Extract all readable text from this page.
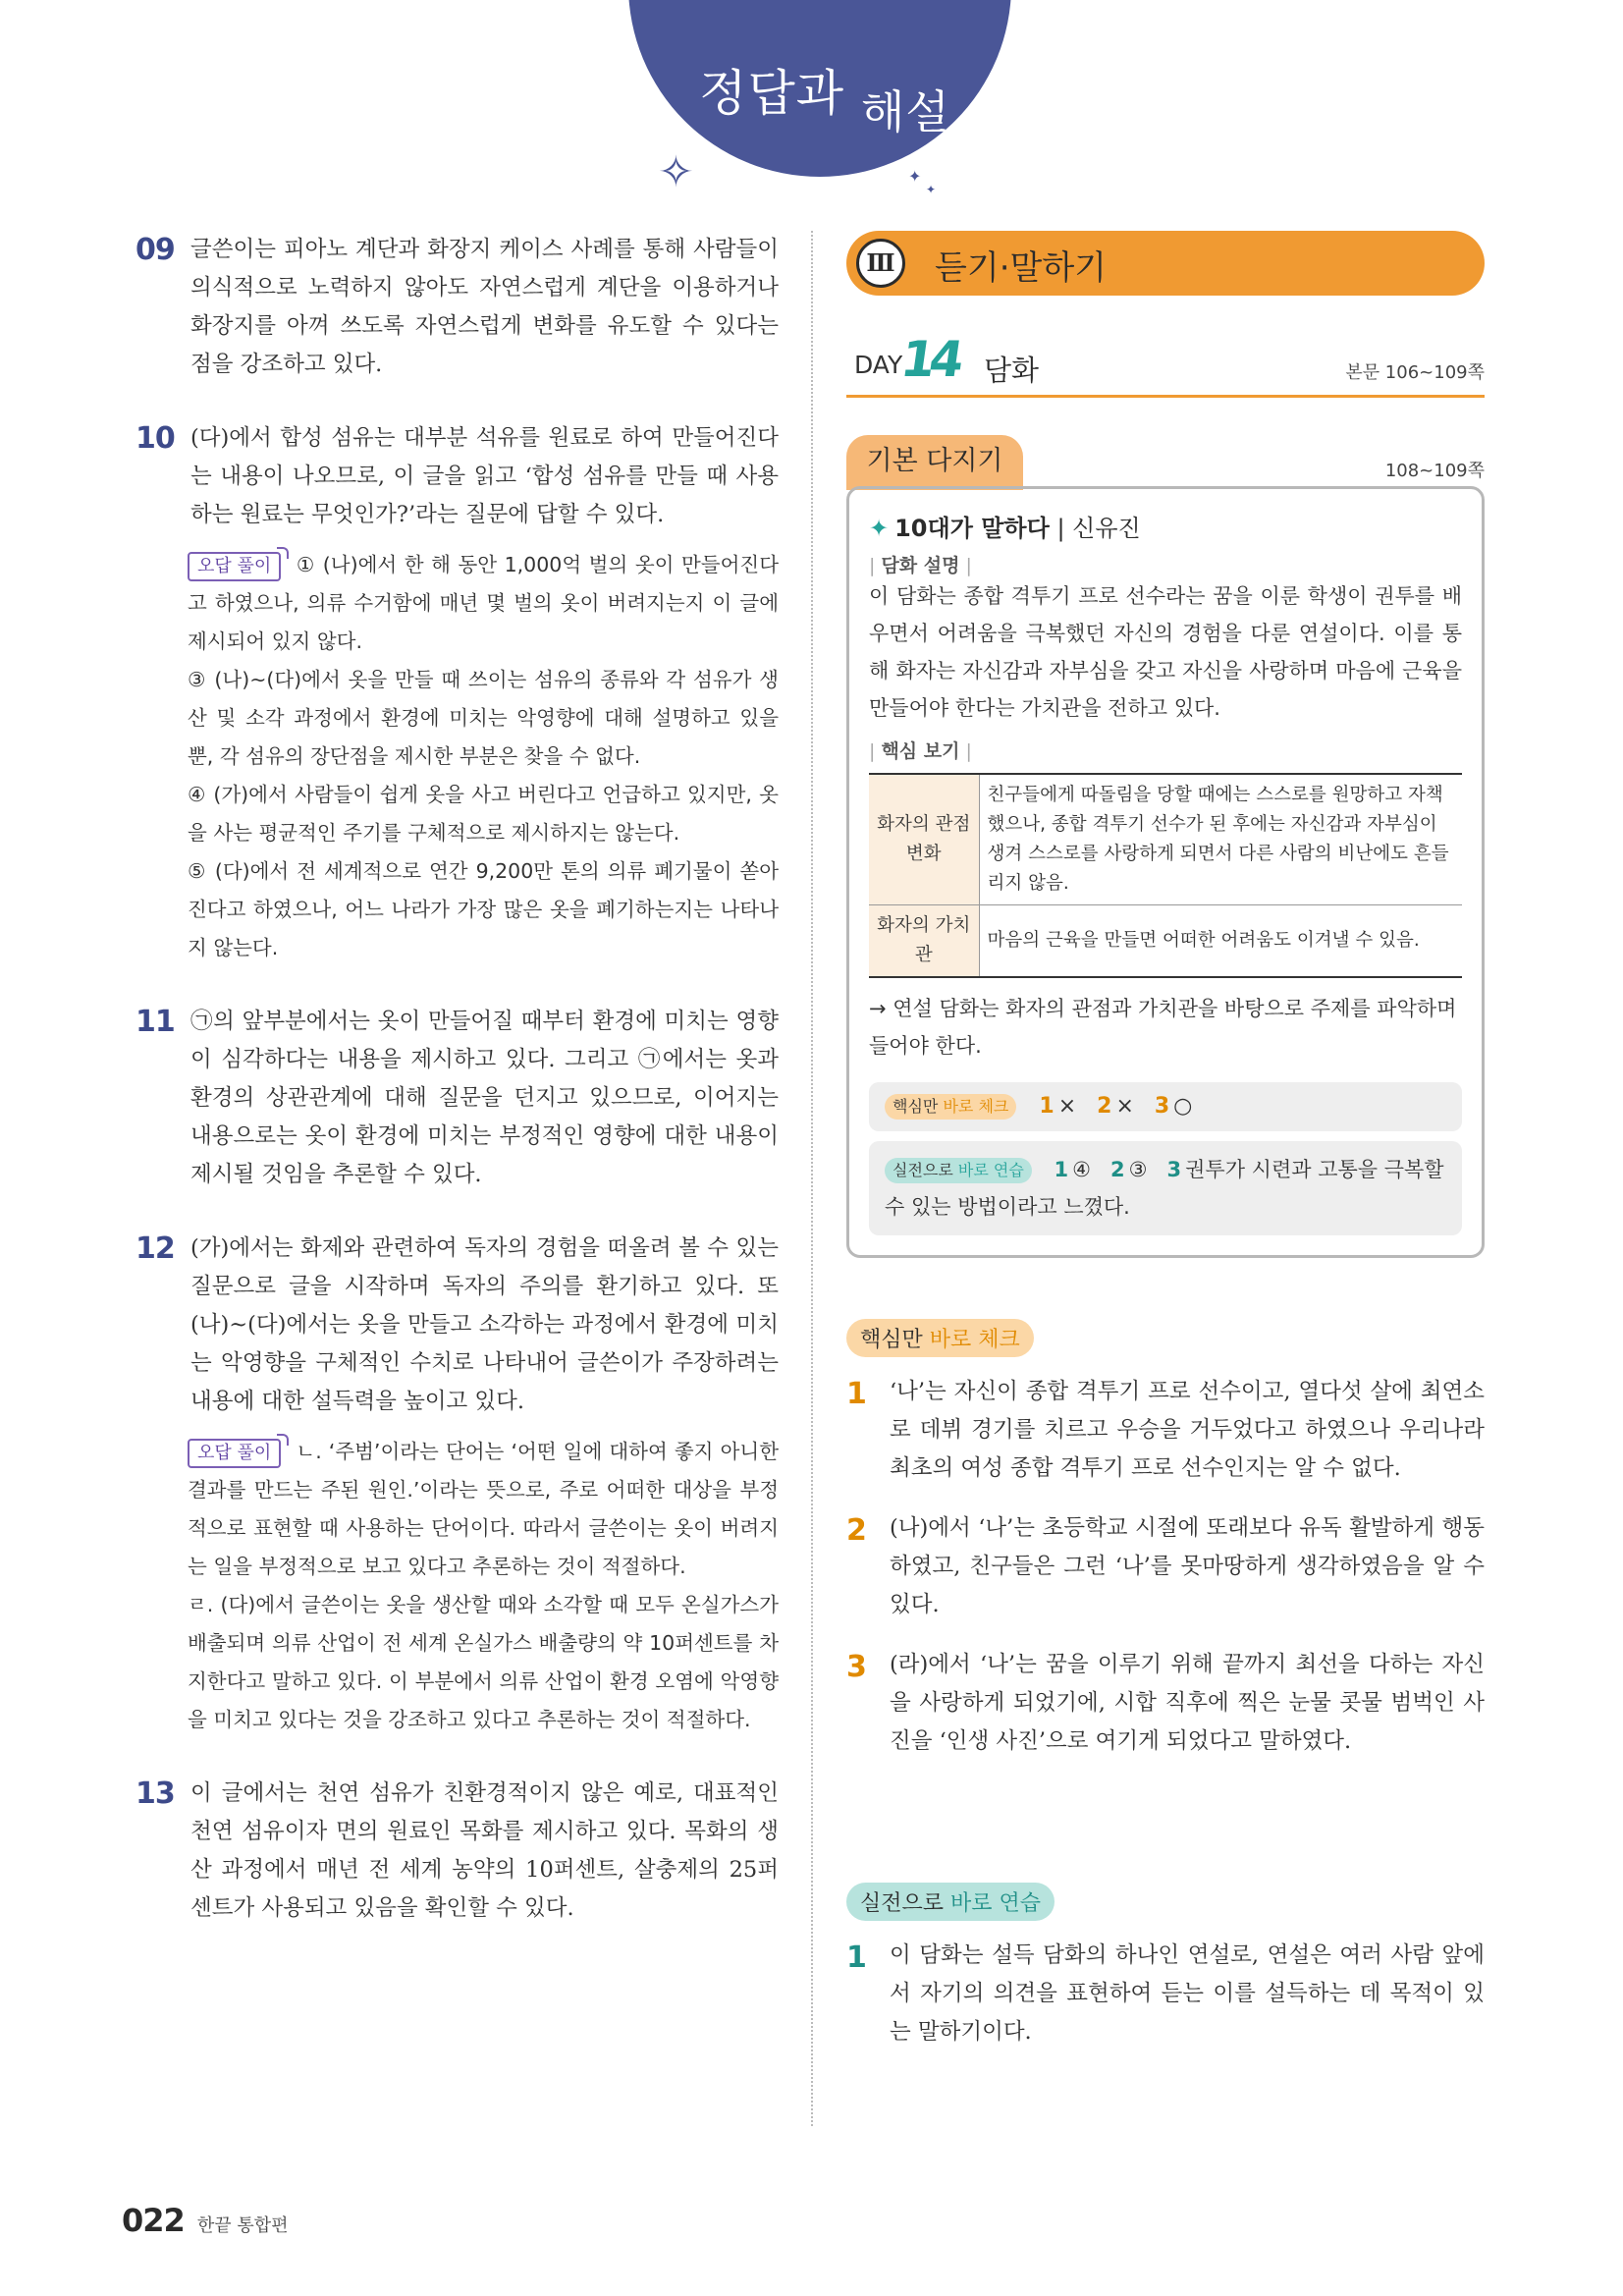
정답과 해설
✧	✦
✦
09 글쓴이는 피아노 계단과 화장지 케이스 사례를 통해 사람들이 의식적으로 노력하지 않아도 자연스럽게 계단을 이용하거나 화장지를 아껴 쓰도록 자연스럽게 변화를 유도할 수 있다는 점을 강조하고 있다.
10 (다)에서 합성 섬유는 대부분 석유를 원료로 하여 만들어진다는 내용이 나오므로, 이 글을 읽고 ‘합성 섬유를 만들 때 사용하는 원료는 무엇인가?’라는 질문에 답할 수 있다.
오답 풀이 ① (나)에서 한 해 동안 1,000억 벌의 옷이 만들어진다고 하였으나, 의류 수거함에 매년 몇 벌의 옷이 버려지는지 이 글에 제시되어 있지 않다.
③ (나)~(다)에서 옷을 만들 때 쓰이는 섬유의 종류와 각 섬유가 생산 및 소각 과정에서 환경에 미치는 악영향에 대해 설명하고 있을 뿐, 각 섬유의 장단점을 제시한 부분은 찾을 수 없다.
④ (가)에서 사람들이 쉽게 옷을 사고 버린다고 언급하고 있지만, 옷을 사는 평균적인 주기를 구체적으로 제시하지는 않는다.
⑤ (다)에서 전 세계적으로 연간 9,200만 톤의 의류 폐기물이 쏟아진다고 하였으나, 어느 나라가 가장 많은 옷을 폐기하는지는 나타나지 않는다.
11 ㉠의 앞부분에서는 옷이 만들어질 때부터 환경에 미치는 영향이 심각하다는 내용을 제시하고 있다. 그리고 ㉠에서는 옷과 환경의 상관관계에 대해 질문을 던지고 있으므로, 이어지는 내용으로는 옷이 환경에 미치는 부정적인 영향에 대한 내용이 제시될 것임을 추론할 수 있다.
12 (가)에서는 화제와 관련하여 독자의 경험을 떠올려 볼 수 있는 질문으로 글을 시작하며 독자의 주의를 환기하고 있다. 또 (나)~(다)에서는 옷을 만들고 소각하는 과정에서 환경에 미치는 악영향을 구체적인 수치로 나타내어 글쓴이가 주장하려는 내용에 대한 설득력을 높이고 있다.
오답 풀이 ㄴ. ‘주범’이라는 단어는 ‘어떤 일에 대하여 좋지 아니한 결과를 만드는 주된 원인.’이라는 뜻으로, 주로 어떠한 대상을 부정적으로 표현할 때 사용하는 단어이다. 따라서 글쓴이는 옷이 버려지는 일을 부정적으로 보고 있다고 추론하는 것이 적절하다.
ㄹ. (다)에서 글쓴이는 옷을 생산할 때와 소각할 때 모두 온실가스가 배출되며 의류 산업이 전 세계 온실가스 배출량의 약 10퍼센트를 차지한다고 말하고 있다. 이 부분에서 의류 산업이 환경 오염에 악영향을 미치고 있다는 것을 강조하고 있다고 추론하는 것이 적절하다.
13 이 글에서는 천연 섬유가 친환경적이지 않은 예로, 대표적인 천연 섬유이자 면의 원료인 목화를 제시하고 있다. 목화의 생산 과정에서 매년 전 세계 농약의 10퍼센트, 살충제의 25퍼센트가 사용되고 있음을 확인할 수 있다.
Ⅲ	듣기·말하기
DAY
14 담화	본문 106~109쪽
기본 다지기	108~109쪽
✦ 10대가 말하다 | 신유진
| 담화 설명 |
이 담화는 종합 격투기 프로 선수라는 꿈을 이룬 학생이 권투를 배우면서 어려움을 극복했던 자신의 경험을 다룬 연설이다. 이를 통해 화자는 자신감과 자부심을 갖고 자신을 사랑하며 마음에 근육을 만들어야 한다는 가치관을 전하고 있다.
| 핵심 보기 |
화자의 관점 변화	친구들에게 따돌림을 당할 때에는 스스로를 원망하고 자책했으나, 종합 격투기 선수가 된 후에는 자신감과 자부심이 생겨 스스로를 사랑하게 되면서 다른 사람의 비난에도 흔들리지 않음.
화자의 가치관	마음의 근육을 만들면 어떠한 어려움도 이겨낼 수 있음.
→ 연설 담화는 화자의 관점과 가치관을 바탕으로 주제를 파악하며 들어야 한다.
핵심만 바로 체크 1 × 2 × 3 ○
실전으로 바로 연습 1 ④ 2 ③ 3 권투가 시련과 고통을 극복할 수 있는 방법이라고 느꼈다.
핵심만 바로 체크
1 ‘나’는 자신이 종합 격투기 프로 선수이고, 열다섯 살에 최연소로 데뷔 경기를 치르고 우승을 거두었다고 하였으나 우리나라 최초의 여성 종합 격투기 프로 선수인지는 알 수 없다.
2 (나)에서 ‘나’는 초등학교 시절에 또래보다 유독 활발하게 행동하였고, 친구들은 그런 ‘나’를 못마땅하게 생각하였음을 알 수 있다.
3 (라)에서 ‘나’는 꿈을 이루기 위해 끝까지 최선을 다하는 자신을 사랑하게 되었기에, 시합 직후에 찍은 눈물 콧물 범벅인 사진을 ‘인생 사진’으로 여기게 되었다고 말하였다.
실전으로 바로 연습
1 이 담화는 설득 담화의 하나인 연설로, 연설은 여러 사람 앞에서 자기의 의견을 표현하여 듣는 이를 설득하는 데 목적이 있는 말하기이다.
022 한끝 통합편
